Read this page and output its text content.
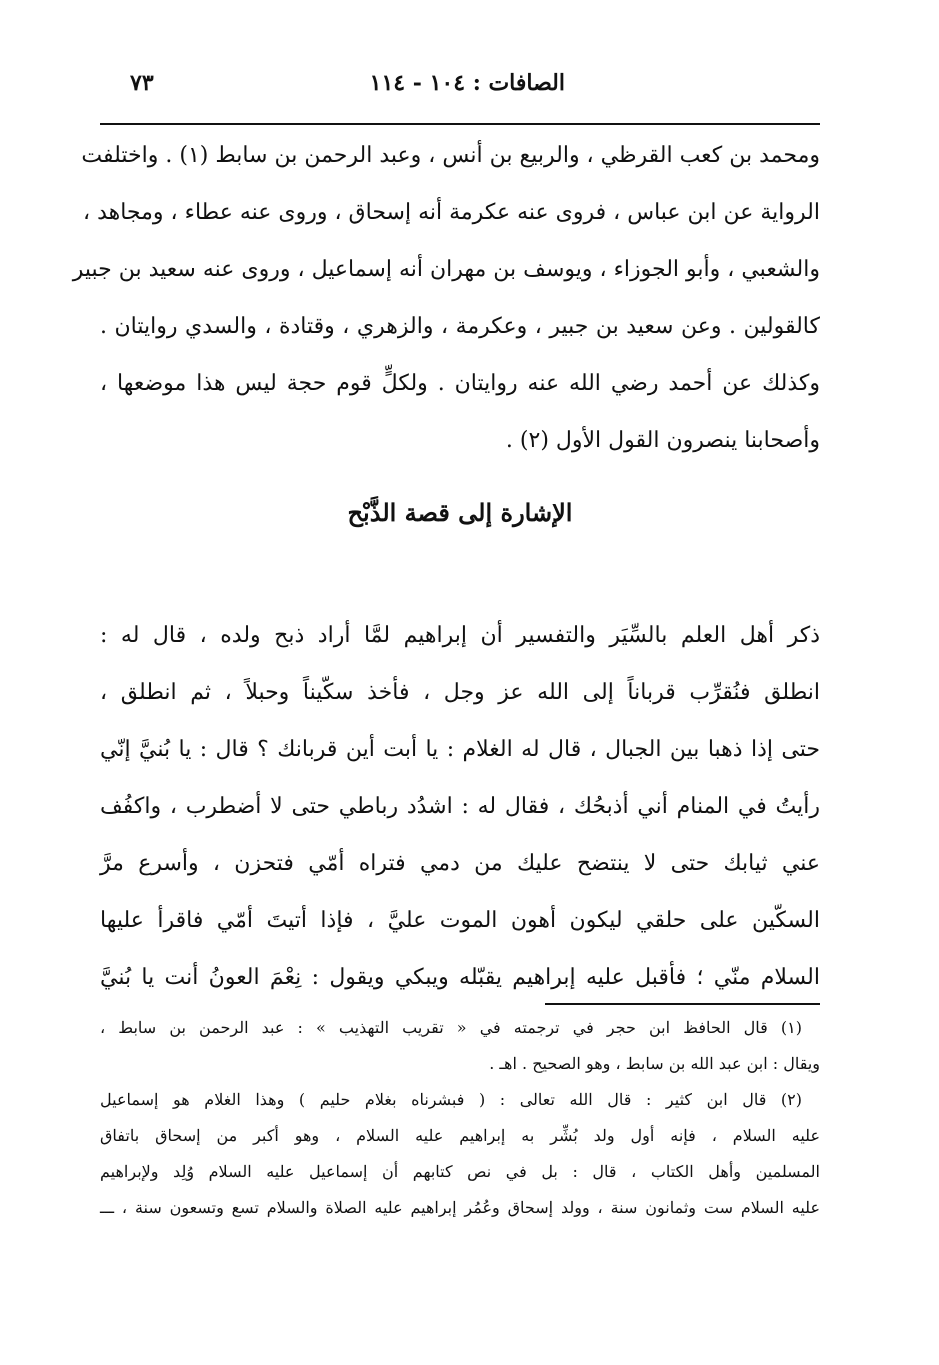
الصافات : ١٠٤ - ١١٤
٧٣
ومحمد بن كعب القرظي ، والربيع بن أنس ، وعبد الرحمن بن سابط (١) . واختلفت
الرواية عن ابن عباس ، فروى عنه عكرمة أنه إسحاق ، وروى عنه عطاء ، ومجاهد ،
والشعبي ، وأبو الجوزاء ، ويوسف بن مهران أنه إسماعيل ، وروى عنه سعيد بن جبير
كالقولين . وعن سعيد بن جبير ، وعكرمة ، والزهري ، وقتادة ، والسدي روايتان .
وكذلك عن أحمد رضي الله عنه روايتان . ولكلٍّ قوم حجة ليس هذا موضعها ،
وأصحابنا ينصرون القول الأول (٢) .
الإشارة إلى قصة الذَّبْح
ذكر أهل العلم بالسِّيَر والتفسير أن إبراهيم لمَّا أراد ذبح ولده ، قال له :
انطلق فنُقرِّب قرباناً إلى الله عز وجل ، فأخذ سكّيناً وحبلاً ، ثم انطلق ،
حتى إذا ذهبا بين الجبال ، قال له الغلام : يا أبت أين قربانك ؟ قال : يا بُنيَّ إنّي
رأيتُ في المنام أني أذبحُك ، فقال له : اشدُد رباطي حتى لا أضطرب ، واكفُف
عني ثيابك حتى لا ينتضح عليك من دمي فتراه أمّي فتحزن ، وأسرع مرَّ
السكّين على حلقي ليكون أهون الموت عليَّ ، فإذا أتيتَ أمّي فاقرأ عليها
السلام منّي ؛ فأقبل عليه إبراهيم يقبّله ويبكي ويقول : نِعْمَ العونُ أنت يا بُنيَّ
(١) قال الحافظ ابن حجر في ترجمته في « تقريب التهذيب » : عبد الرحمن بن سابط ،
ويقال : ابن عبد الله بن سابط ، وهو الصحيح . اهـ .
(٢) قال ابن كثير : قال الله تعالى : ( فبشرناه بغلام حليم ) وهذا الغلام هو إسماعيل
عليه السلام ، فإنه أول ولد بُشِّر به إبراهيم عليه السلام ، وهو أكبر من إسحاق باتفاق
المسلمين وأهل الكتاب ، قال : بل في نص كتابهم أن إسماعيل عليه السلام وُلِد ولإبراهيم
عليه السلام ست وثمانون سنة ، وولد إسحاق وعُمُر إبراهيم عليه الصلاة والسلام تسع وتسعون سنة ، ـــ
